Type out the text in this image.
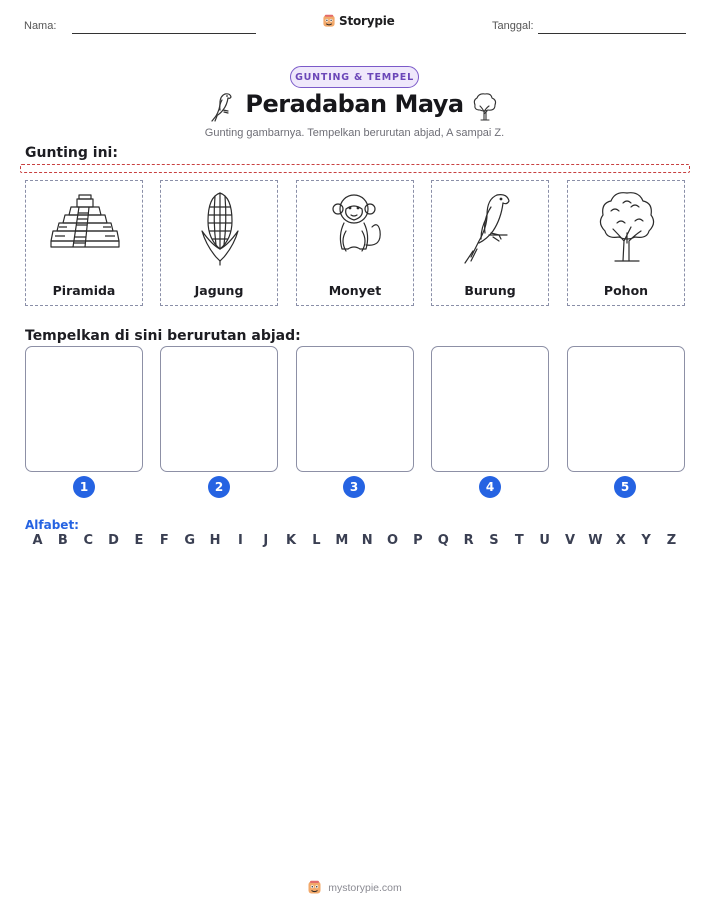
Nama:	Storypie	Tanggal:
GUNTING & TEMPEL
Peradaban Maya
Gunting gambarnya. Tempelkan berurutan abjad, A sampai Z.
Gunting ini:
Piramida	Jagung	Monyet	Burung	Pohon
Tempelkan di sini berurutan abjad:
1	2	3	4	5
Alfabet:
A	B	C	D	E	F	G	H	I	J	K	L	M	N	O	P	Q	R	S	T	U	V	W	X	Y	Z
mystorypie.com
